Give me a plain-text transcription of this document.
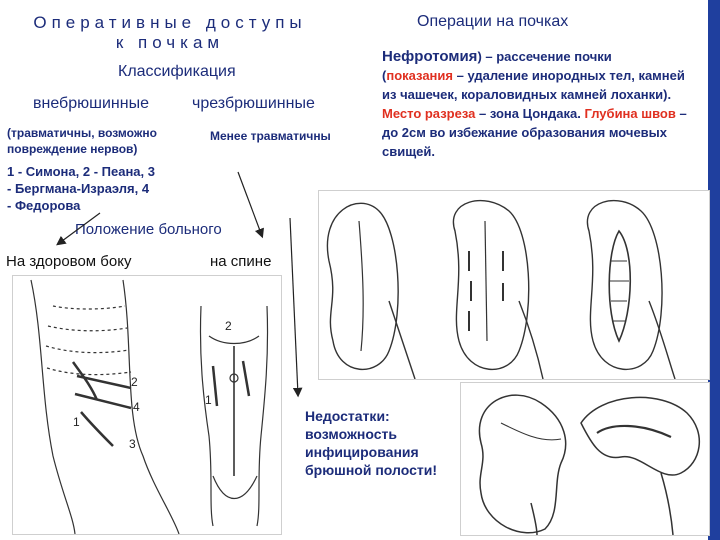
Оперативные доступы
к почкам
Классификация
внебрюшинные	чрезбрюшинные
(травматичны, возможно повреждение нервов)
Менее травматичны
1 - Симона, 2 - Пеана, 3
- Бергмана-Израэля, 4
- Федорова
Положение больного
На здоровом боку	на спине
2
4
1
3
2
1
Операции на почках
Нефротомия) – рассечение почки
(показания – удаление инородных тел, камней из чашечек, кораловидных камней лоханки). Место разреза – зона Цондака. Глубина швов – до 2см во избежание образования мочевых свищей.
Недостатки:
возможность
инфицирования
брюшной полости!
